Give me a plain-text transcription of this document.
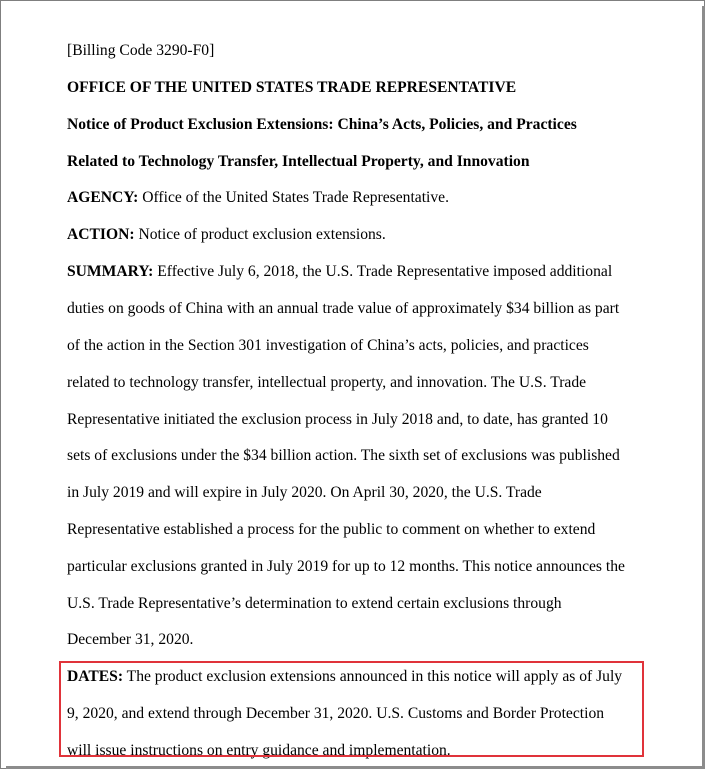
[Billing Code 3290-F0]
OFFICE OF THE UNITED STATES TRADE REPRESENTATIVE
Notice of Product Exclusion Extensions: China’s Acts, Policies, and Practices
Related to Technology Transfer, Intellectual Property, and Innovation
AGENCY: Office of the United States Trade Representative.
ACTION: Notice of product exclusion extensions.
SUMMARY: Effective July 6, 2018, the U.S. Trade Representative imposed additional
duties on goods of China with an annual trade value of approximately $34 billion as part
of the action in the Section 301 investigation of China’s acts, policies, and practices
related to technology transfer, intellectual property, and innovation. The U.S. Trade
Representative initiated the exclusion process in July 2018 and, to date, has granted 10
sets of exclusions under the $34 billion action. The sixth set of exclusions was published
in July 2019 and will expire in July 2020. On April 30, 2020, the U.S. Trade
Representative established a process for the public to comment on whether to extend
particular exclusions granted in July 2019 for up to 12 months. This notice announces the
U.S. Trade Representative’s determination to extend certain exclusions through
December 31, 2020.
DATES: The product exclusion extensions announced in this notice will apply as of July
9, 2020, and extend through December 31, 2020. U.S. Customs and Border Protection
will issue instructions on entry guidance and implementation.
